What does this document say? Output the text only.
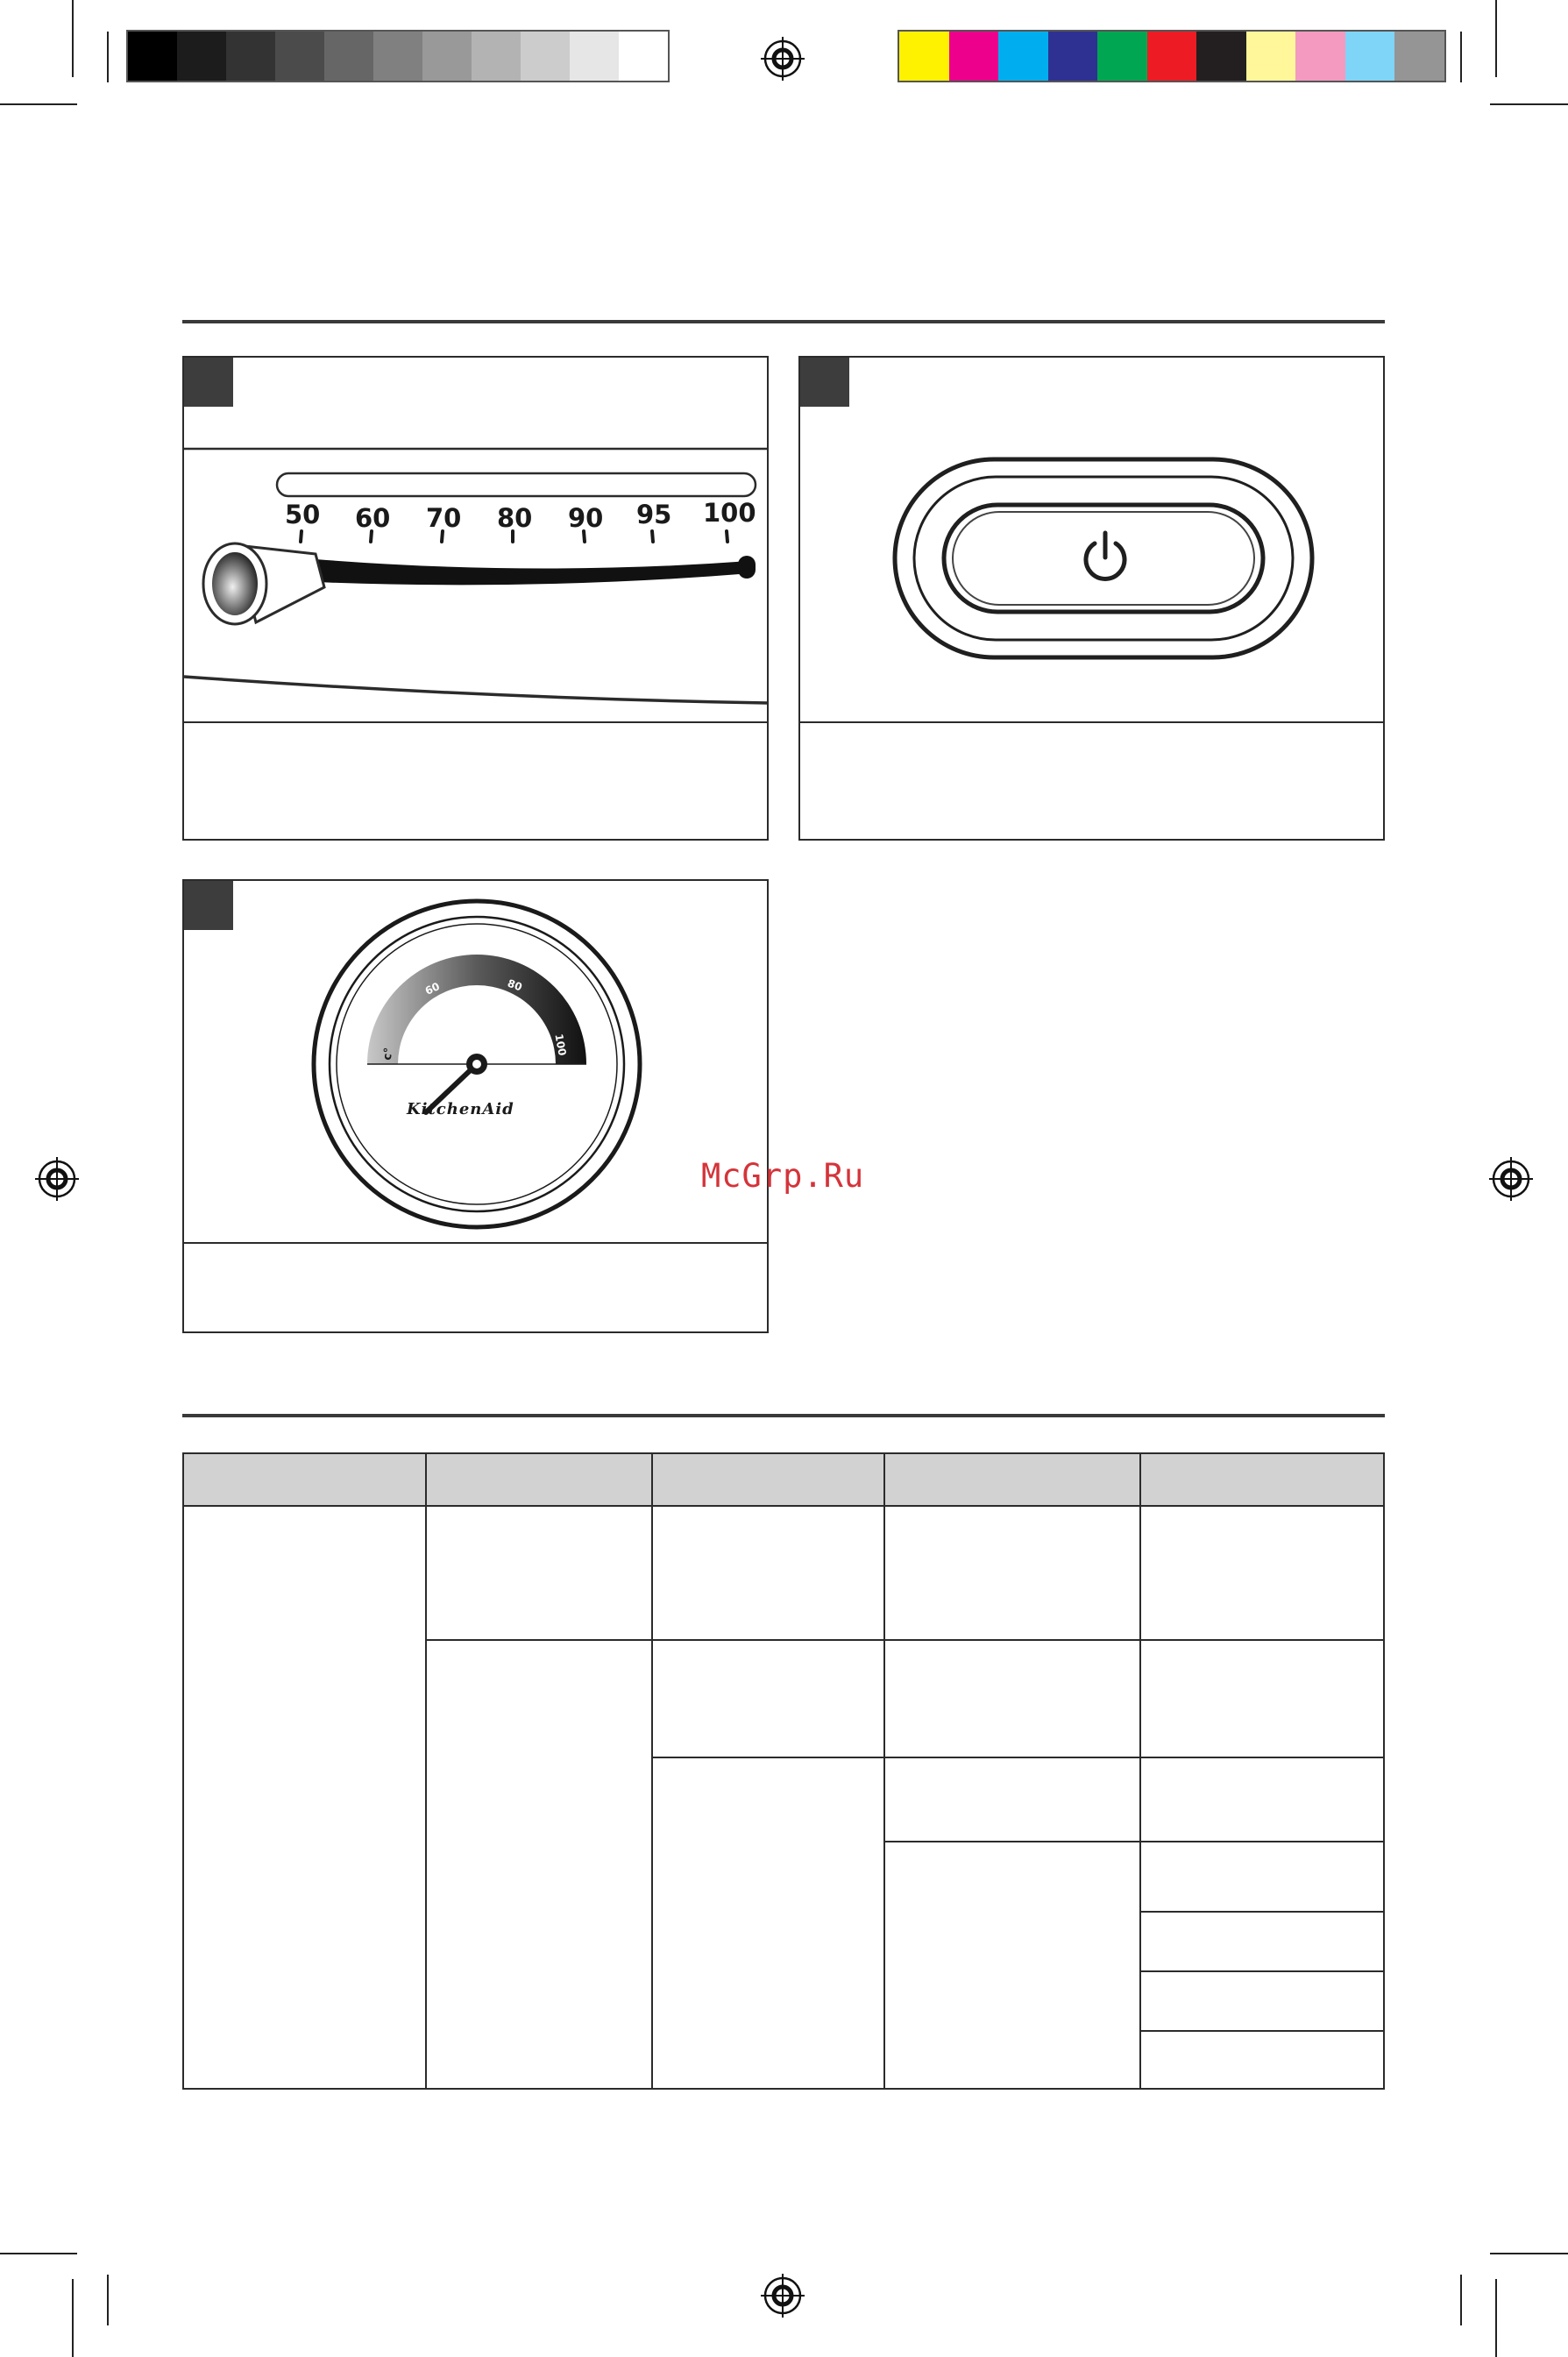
50 60 70 80 90 95 100
c°
60	80
100
KitchenAid
McGrp.Ru
